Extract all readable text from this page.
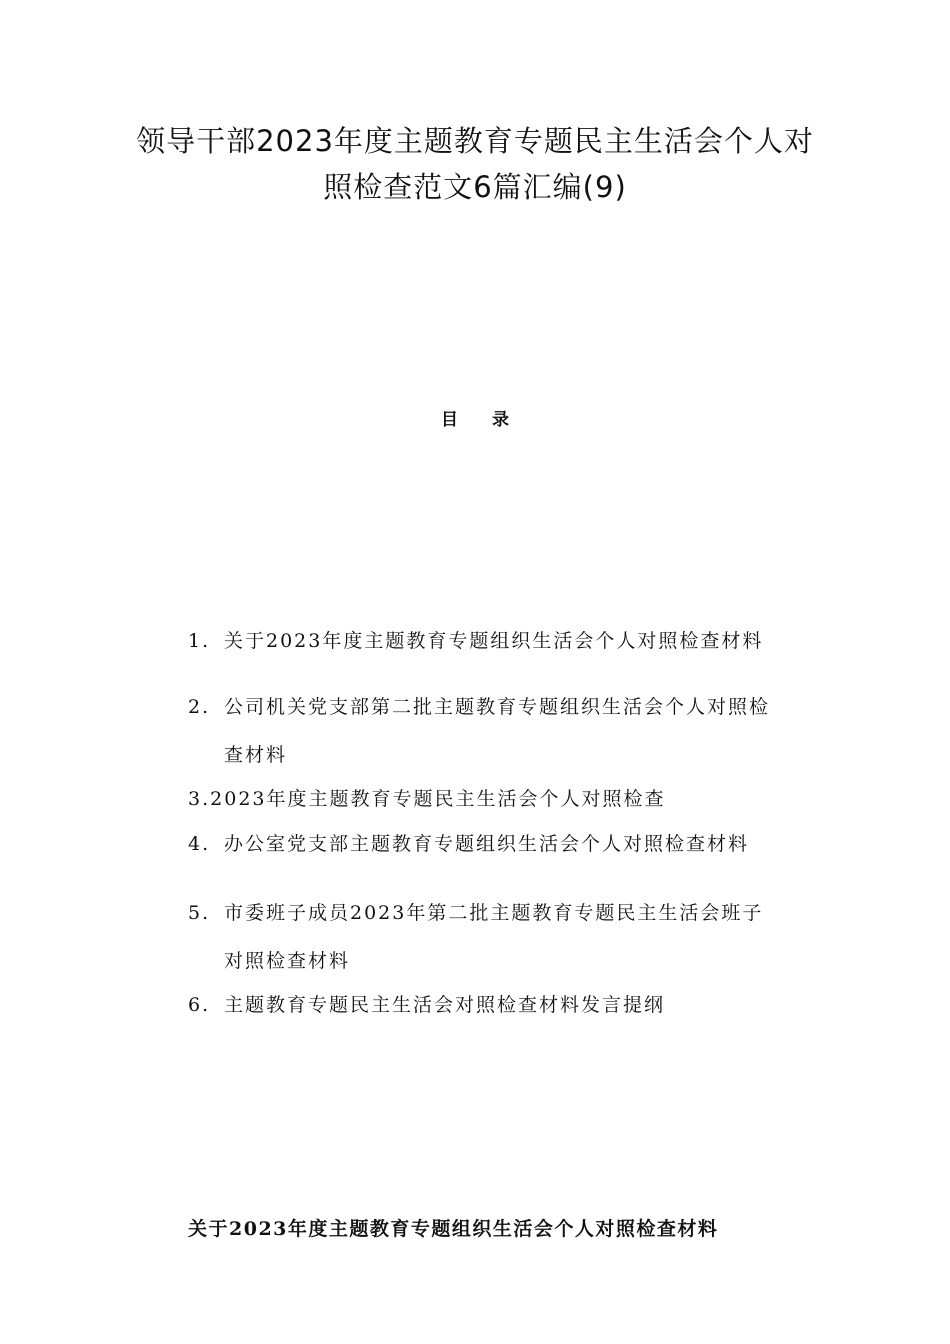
领导干部2023年度主题教育专题民主生活会个人对
照检查范文6篇汇编(9)
目录
1. 关于2023年度主题教育专题组织生活会个人对照检查材料
2. 公司机关党支部第二批主题教育专题组织生活会个人对照检
查材料
3.2023年度主题教育专题民主生活会个人对照检查
4. 办公室党支部主题教育专题组织生活会个人对照检查材料
5. 市委班子成员2023年第二批主题教育专题民主生活会班子
对照检查材料
6. 主题教育专题民主生活会对照检查材料发言提纲
关于2023年度主题教育专题组织生活会个人对照检查材料
